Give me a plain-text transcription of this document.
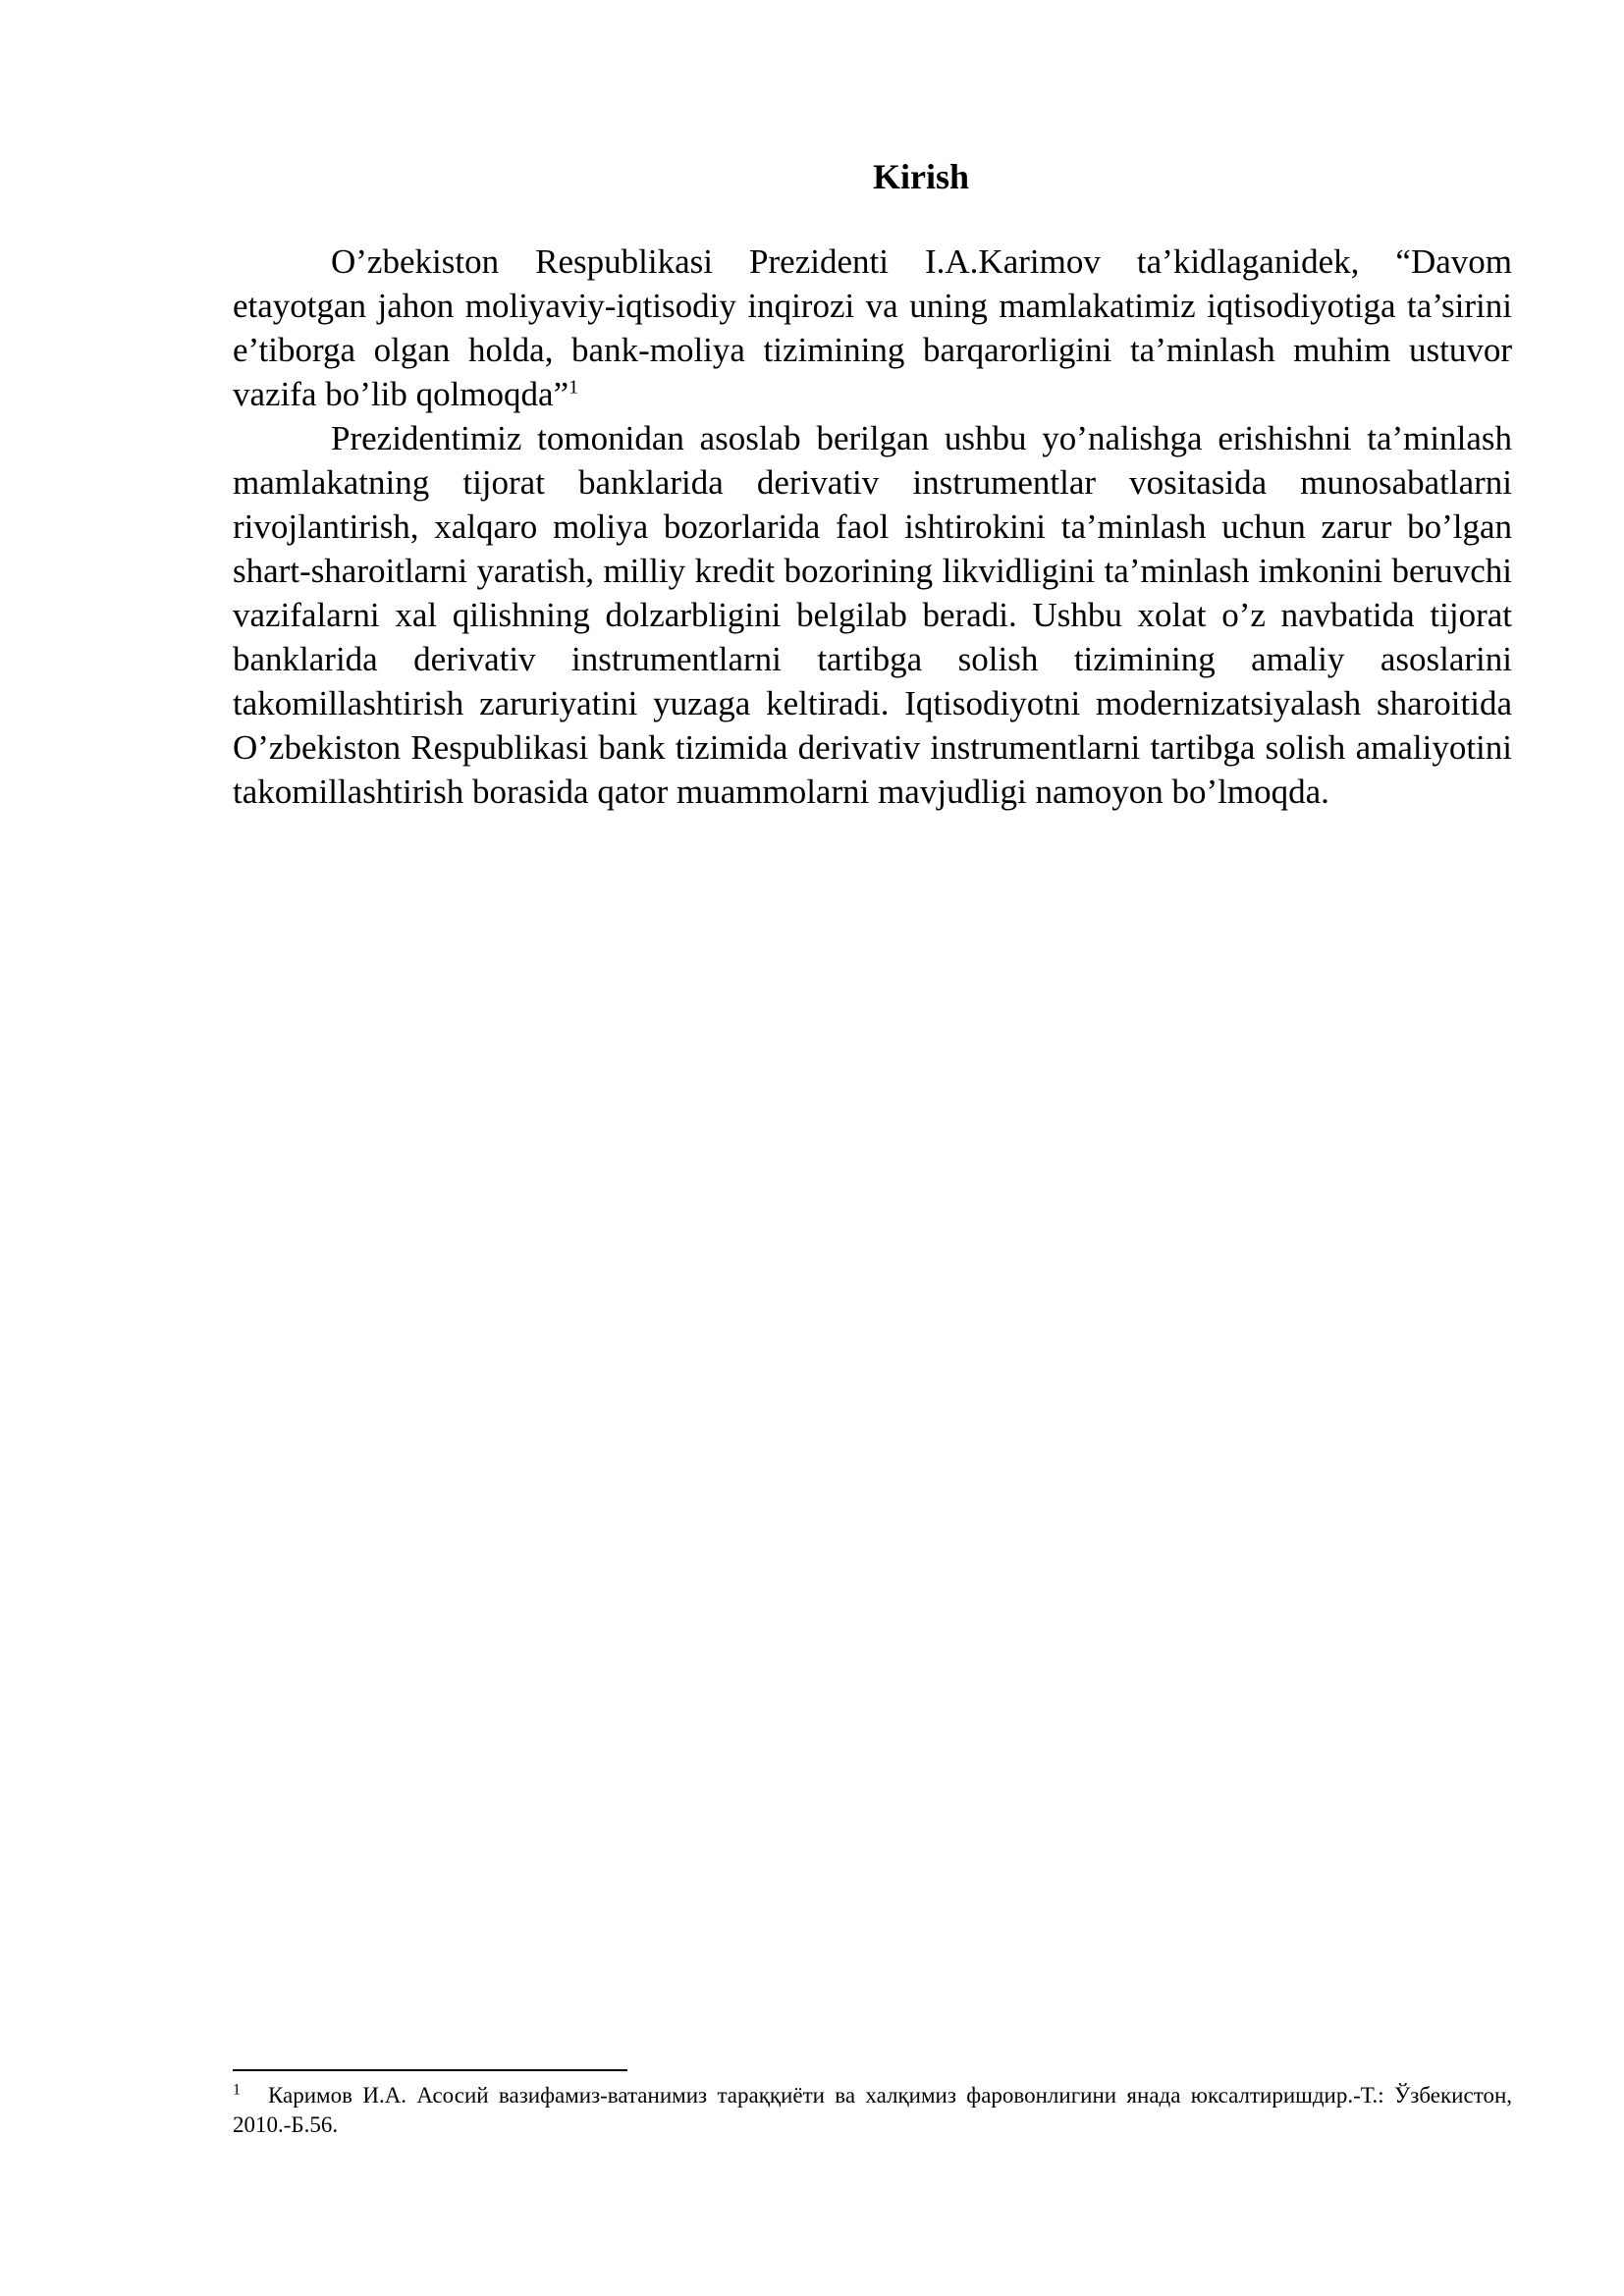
Kirish

O’zbekiston Respublikasi Prezidenti I.A.Karimov ta’kidlaganidek, “Davom etayotgan jahon moliyaviy-iqtisodiy inqirozi va uning mamlakatimiz iqtisodiyotiga ta’sirini e’tiborga olgan holda, bank-moliya tizimining barqarorligini ta’minlash muhim ustuvor vazifa bo’lib qolmoqda”$^1$

Prezidentimiz tomonidan asoslab berilgan ushbu yo’nalishga erishishni ta’minlash mamlakatning tijorat banklarida derivativ instrumentlar vositasida munosabatlarni rivojlantirish, xalqaro moliya bozorlarida faol ishtirokini ta’minlash uchun zarur bo’lgan shart-sharoitlarni yaratish, milliy kredit bozorining likvidligini ta’minlash imkonini beruvchi vazifalarni xal qilishning dolzarbligini belgilab beradi. Ushbu xolat o’z navbatida tijorat banklarida derivativ instrumentlarni tartibga solish tizimining amaliy asoslarini takomillashtirish zaruriyatini yuzaga keltiradi. Iqtisodiyotni modernizatsiyalash sharoitida O’zbekiston Respublikasi bank tizimida derivativ instrumentlarni tartibga solish amaliyotini takomillashtirish borasida qator muammolarni mavjudligi namoyon bo’lmoqda.

$^1$ Каримов И.А. Асосий вазифамиз-ватанимиз тараққиёти ва халқимиз фаровонлигини янада юксалтиришдир.-Т.: Ўзбекистон, 2010.-Б.56.
